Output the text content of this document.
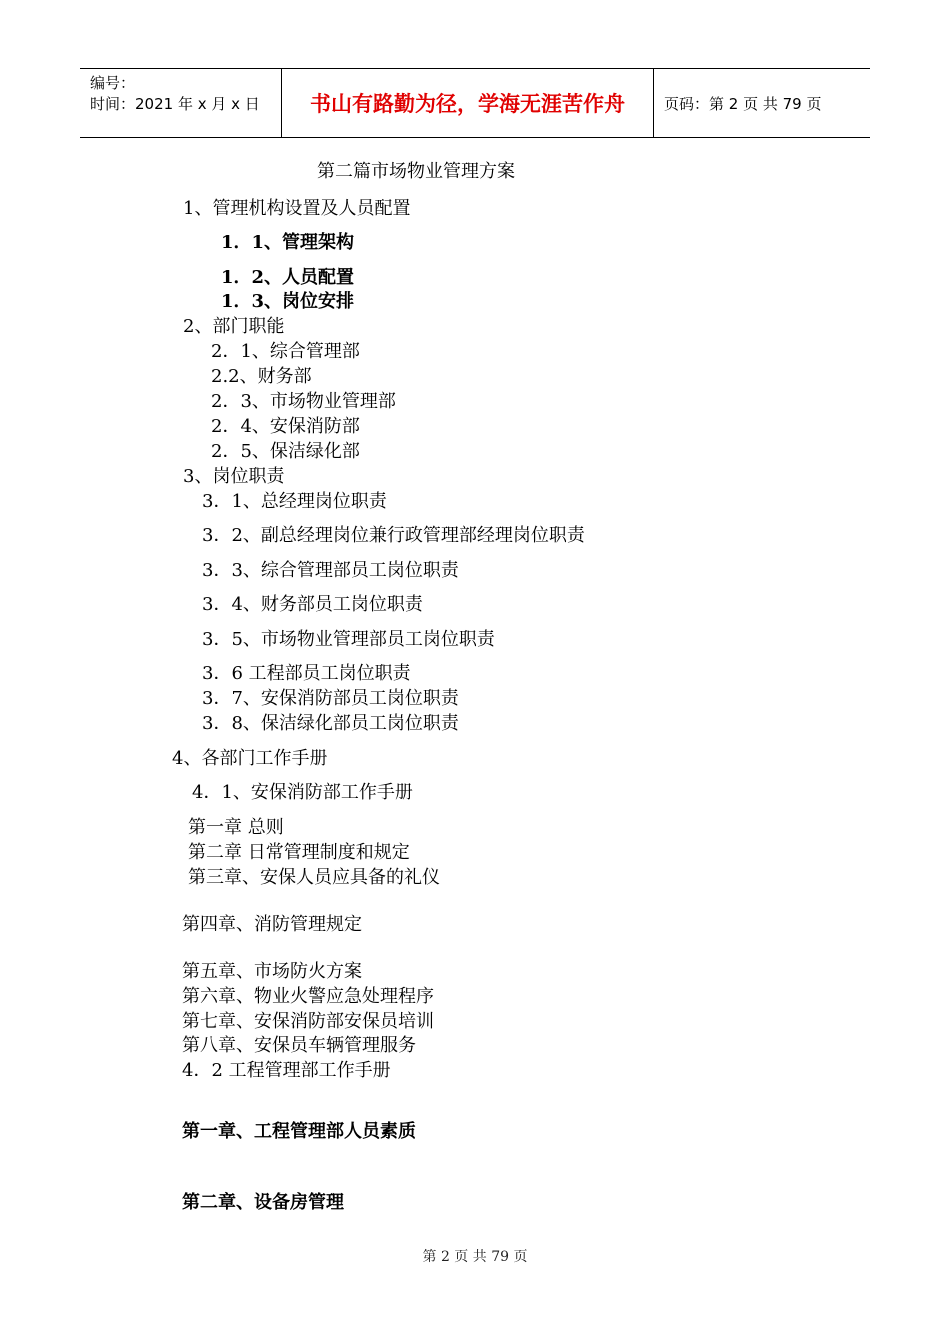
编号：
时间：2021 年 x 月 x 日	书山有路勤为径，学海无涯苦作舟	页码：第 2 页 共 79 页
第二篇市场物业管理方案
1、管理机构设置及人员配置
1．1、管理架构
1．2、人员配置
1．3、岗位安排
2、部门职能
2．1、综合管理部
2.2、财务部
2．3、市场物业管理部
2．4、安保消防部
2．5、保洁绿化部
3、岗位职责
3．1、总经理岗位职责
3．2、副总经理岗位兼行政管理部经理岗位职责
3．3、综合管理部员工岗位职责
3．4、财务部员工岗位职责
3．5、市场物业管理部员工岗位职责
3．6 工程部员工岗位职责
3．7、安保消防部员工岗位职责
3．8、保洁绿化部员工岗位职责
4、各部门工作手册
4．1、安保消防部工作手册
第一章 总则
第二章 日常管理制度和规定
第三章、安保人员应具备的礼仪
第四章、消防管理规定
第五章、市场防火方案
第六章、物业火警应急处理程序
第七章、安保消防部安保员培训
第八章、安保员车辆管理服务
4．2 工程管理部工作手册
第一章、工程管理部人员素质
第二章、设备房管理
第 2 页 共 79 页
